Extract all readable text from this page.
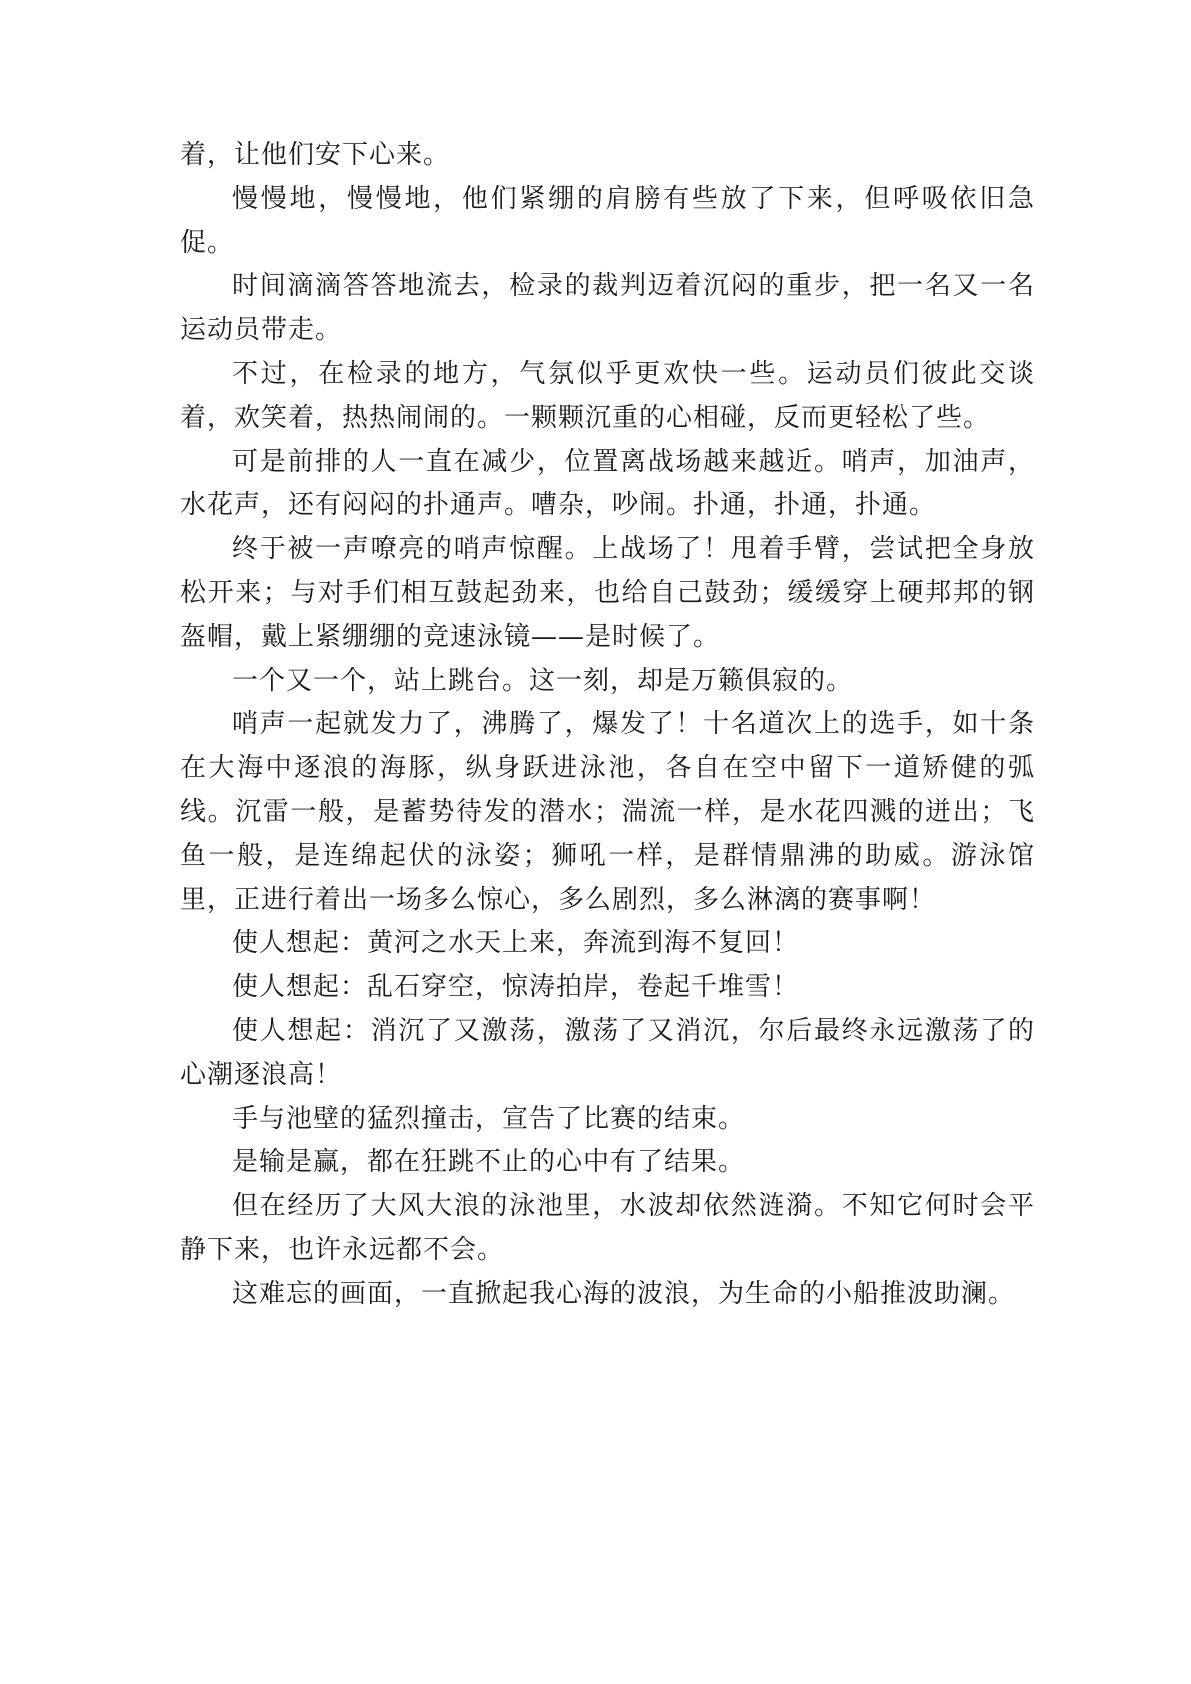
着，让他们安下心来。

慢慢地，慢慢地，他们紧绷的肩膀有些放了下来，但呼吸依旧急促。

时间滴滴答答地流去，检录的裁判迈着沉闷的重步，把一名又一名运动员带走。

不过，在检录的地方，气氛似乎更欢快一些。运动员们彼此交谈着，欢笑着，热热闹闹的。一颗颗沉重的心相碰，反而更轻松了些。

可是前排的人一直在减少，位置离战场越来越近。哨声，加油声，水花声，还有闷闷的扑通声。嘈杂，吵闹。扑通，扑通，扑通。

终于被一声嘹亮的哨声惊醒。上战场了！甩着手臂，尝试把全身放松开来；与对手们相互鼓起劲来，也给自己鼓劲；缓缓穿上硬邦邦的钢盔帽，戴上紧绷绷的竞速泳镜——是时候了。

一个又一个，站上跳台。这一刻，却是万籁俱寂的。

哨声一起就发力了，沸腾了，爆发了！十名道次上的选手，如十条在大海中逐浪的海豚，纵身跃进泳池，各自在空中留下一道矫健的弧线。沉雷一般，是蓄势待发的潜水；湍流一样，是水花四溅的迸出；飞鱼一般，是连绵起伏的泳姿；狮吼一样，是群情鼎沸的助威。游泳馆里，正进行着出一场多么惊心，多么剧烈，多么淋漓的赛事啊！

使人想起：黄河之水天上来，奔流到海不复回！

使人想起：乱石穿空，惊涛拍岸，卷起千堆雪！

使人想起：消沉了又激荡，激荡了又消沉，尔后最终永远激荡了的心潮逐浪高！

手与池壁的猛烈撞击，宣告了比赛的结束。

是输是赢，都在狂跳不止的心中有了结果。

但在经历了大风大浪的泳池里，水波却依然涟漪。不知它何时会平静下来，也许永远都不会。

这难忘的画面，一直掀起我心海的波浪，为生命的小船推波助澜。
